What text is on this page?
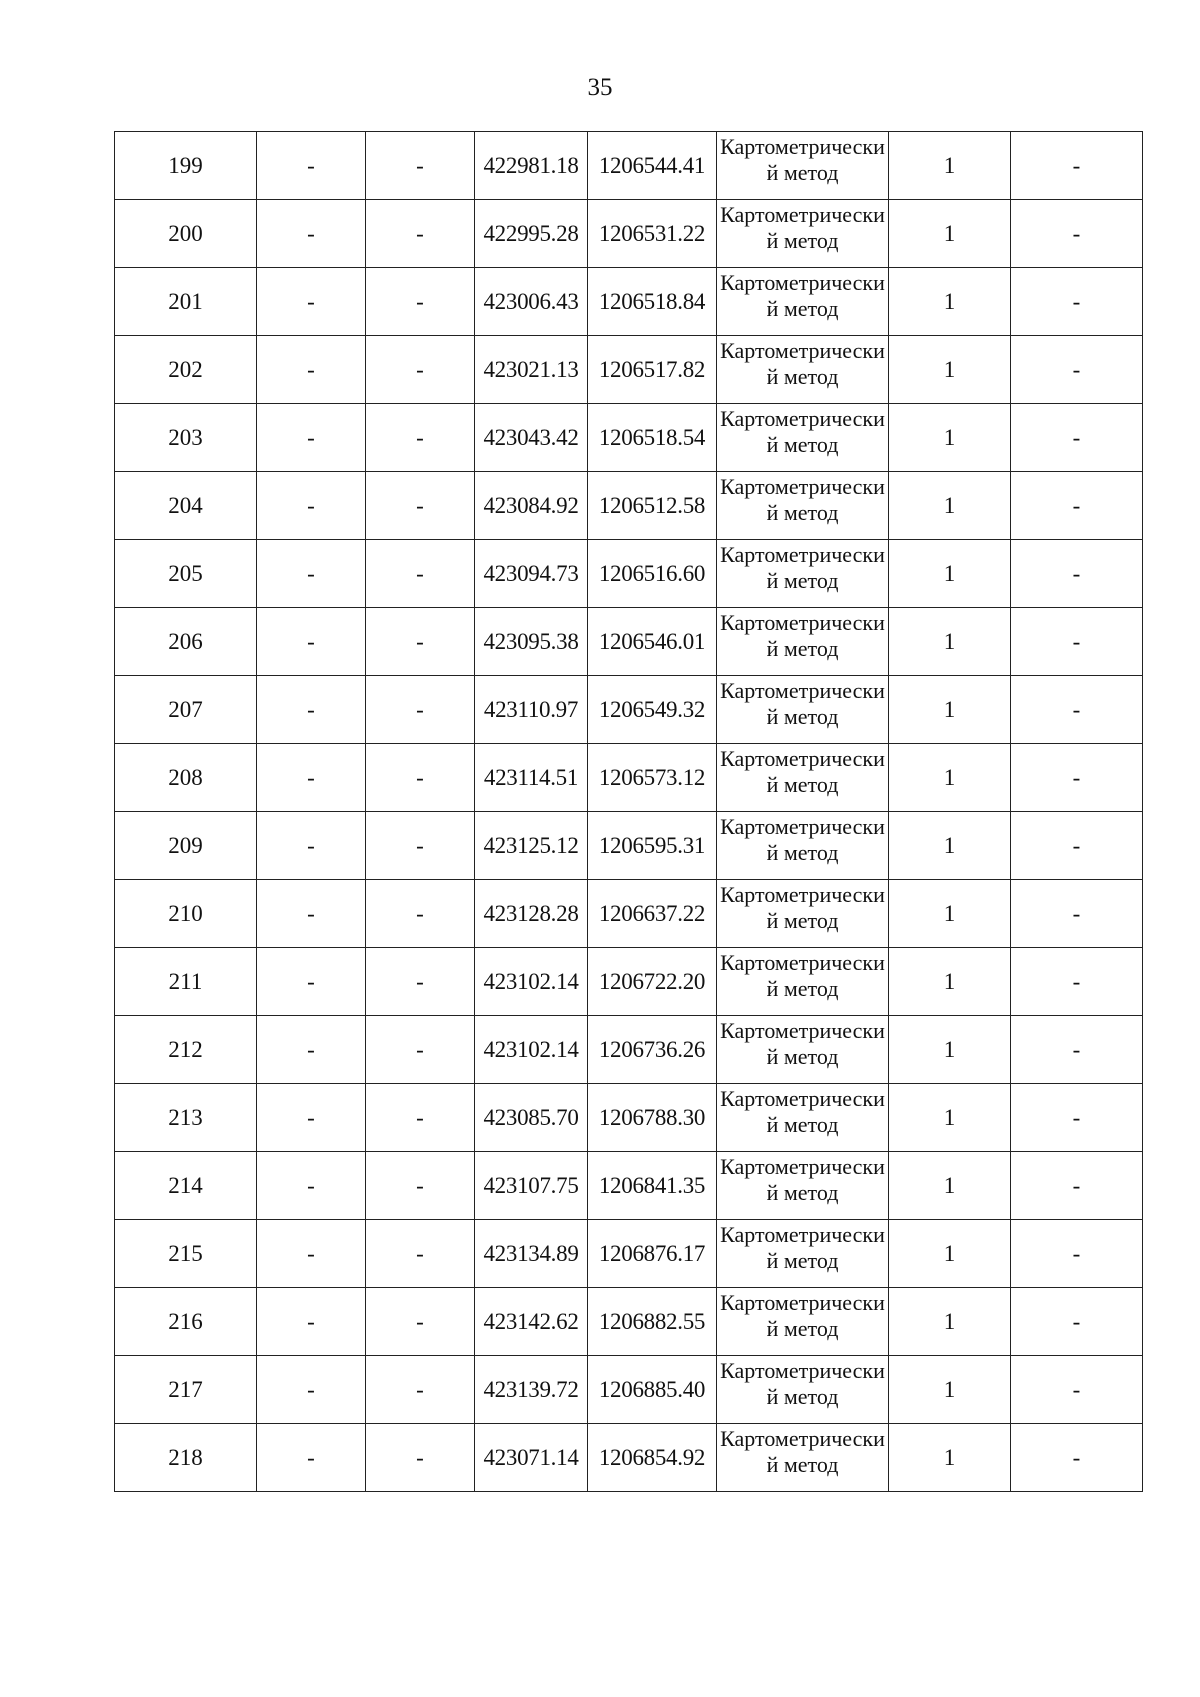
35
199	-	-	422981.18	1206544.41	Картометрический метод	1	-
200	-	-	422995.28	1206531.22	Картометрический метод	1	-
201	-	-	423006.43	1206518.84	Картометрический метод	1	-
202	-	-	423021.13	1206517.82	Картометрический метод	1	-
203	-	-	423043.42	1206518.54	Картометрический метод	1	-
204	-	-	423084.92	1206512.58	Картометрический метод	1	-
205	-	-	423094.73	1206516.60	Картометрический метод	1	-
206	-	-	423095.38	1206546.01	Картометрический метод	1	-
207	-	-	423110.97	1206549.32	Картометрический метод	1	-
208	-	-	423114.51	1206573.12	Картометрический метод	1	-
209	-	-	423125.12	1206595.31	Картометрический метод	1	-
210	-	-	423128.28	1206637.22	Картометрический метод	1	-
211	-	-	423102.14	1206722.20	Картометрический метод	1	-
212	-	-	423102.14	1206736.26	Картометрический метод	1	-
213	-	-	423085.70	1206788.30	Картометрический метод	1	-
214	-	-	423107.75	1206841.35	Картометрический метод	1	-
215	-	-	423134.89	1206876.17	Картометрический метод	1	-
216	-	-	423142.62	1206882.55	Картометрический метод	1	-
217	-	-	423139.72	1206885.40	Картометрический метод	1	-
218	-	-	423071.14	1206854.92	Картометрический метод	1	-
